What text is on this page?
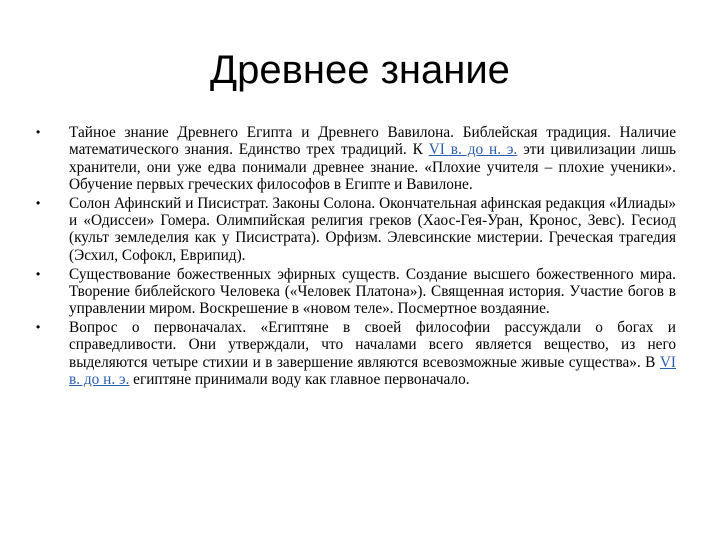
Древнее знание
• Тайное знание Древнего Египта и Древнего Вавилона. Библейская традиция. Наличие математического знания. Единство трех традиций. К VI в. до н. э. эти цивилизации лишь хранители, они уже едва понимали древнее знание. «Плохие учителя – плохие ученики». Обучение первых греческих философов в Египте и Вавилоне.
• Солон Афинский и Писистрат. Законы Солона. Окончательная афинская редакция «Илиады» и «Одиссеи» Гомера. Олимпийская религия греков (Хаос-Гея-Уран, Кронос, Зевс). Гесиод (культ земледелия как у Писистрата). Орфизм. Элевсинские мистерии. Греческая трагедия (Эсхил, Софокл, Еврипид).
• Существование божественных эфирных существ. Создание высшего божественного мира. Творение библейского Человека («Человек Платона»). Священная история. Участие богов в управлении миром. Воскрешение в «новом теле». Посмертное воздаяние.
• Вопрос о первоначалах. «Египтяне в своей философии рассуждали о богах и справедливости. Они утверждали, что началами всего является вещество, из него выделяются четыре стихии и в завершение являются всевозможные живые существа». В VI в. до н. э. египтяне принимали воду как главное первоначало.
